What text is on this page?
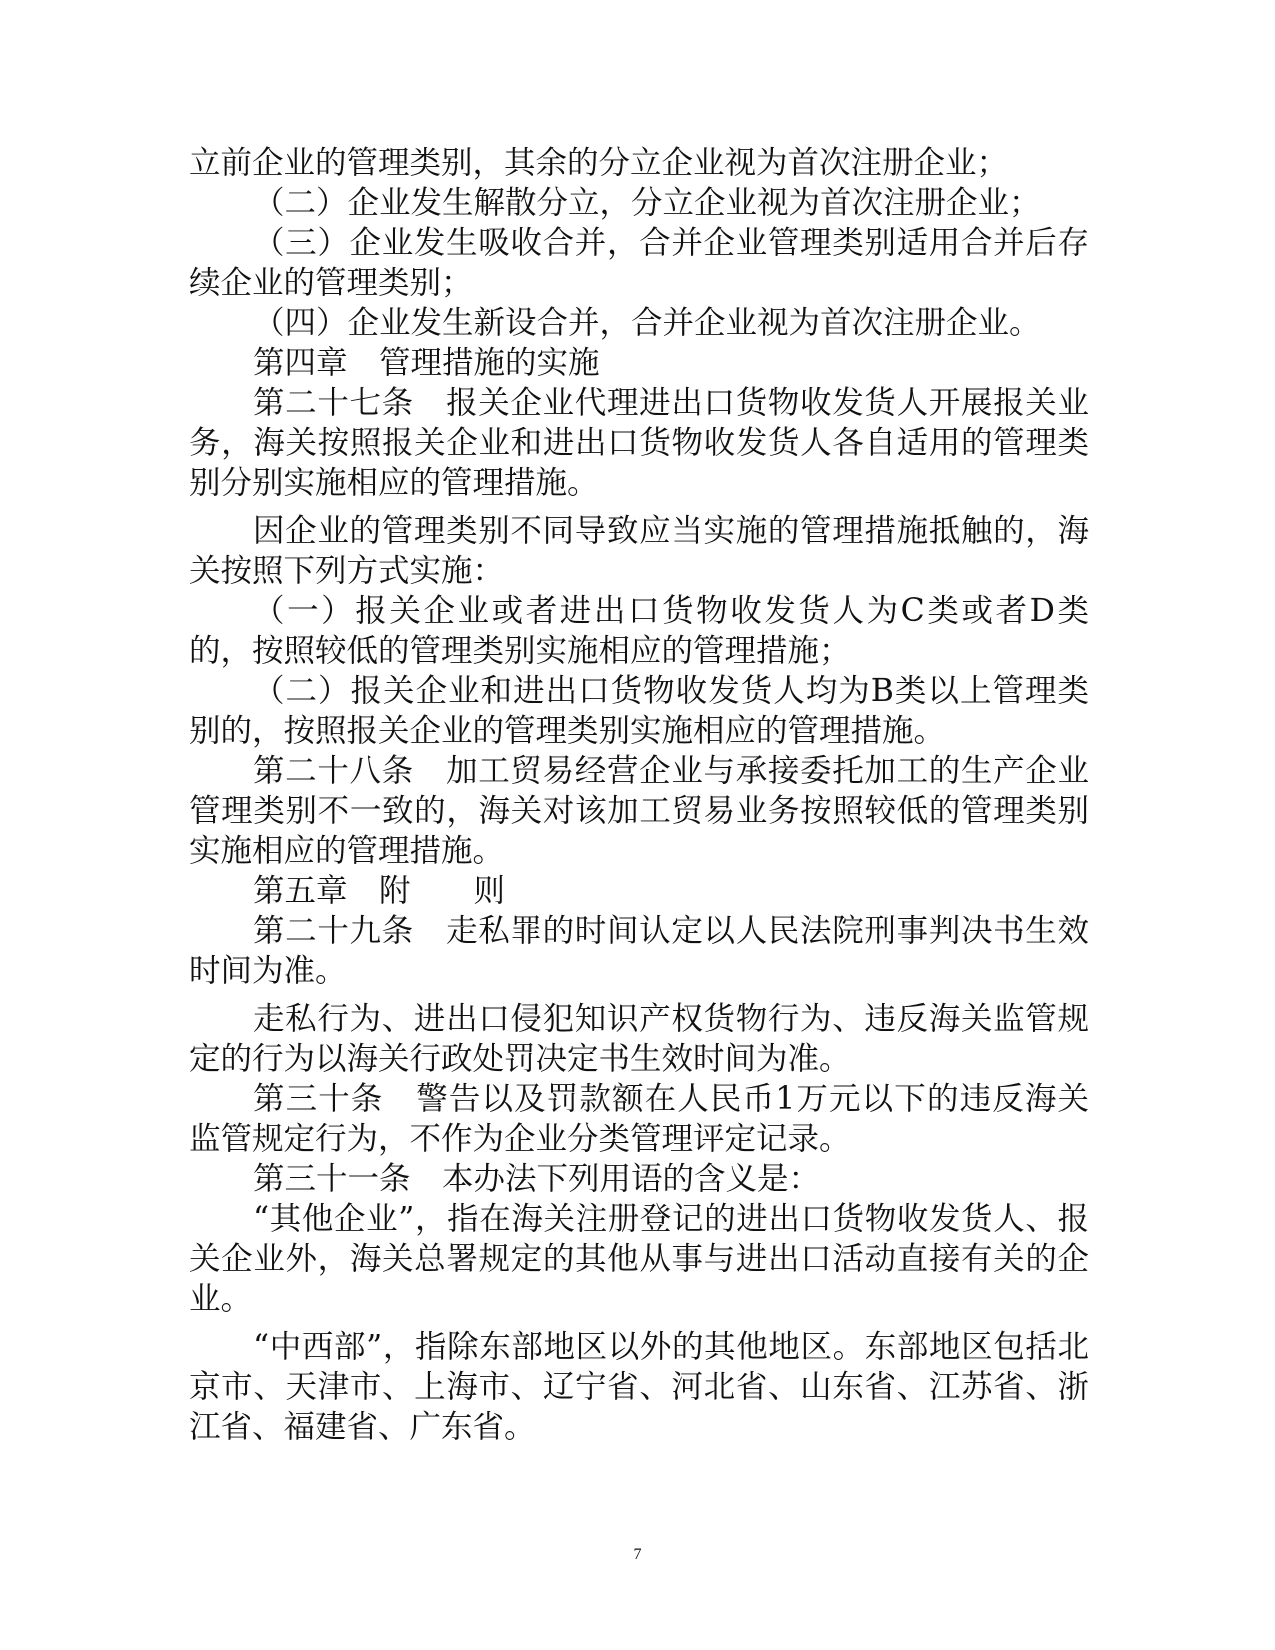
立前企业的管理类别，其余的分立企业视为首次注册企业；

（二）企业发生解散分立，分立企业视为首次注册企业；

（三）企业发生吸收合并，合并企业管理类别适用合并后存续企业的管理类别；

（四）企业发生新设合并，合并企业视为首次注册企业。

第四章　管理措施的实施

第二十七条　报关企业代理进出口货物收发货人开展报关业务，海关按照报关企业和进出口货物收发货人各自适用的管理类别分别实施相应的管理措施。

因企业的管理类别不同导致应当实施的管理措施抵触的，海关按照下列方式实施：

（一）报关企业或者进出口货物收发货人为C类或者D类的，按照较低的管理类别实施相应的管理措施；

（二）报关企业和进出口货物收发货人均为B类以上管理类别的，按照报关企业的管理类别实施相应的管理措施。

第二十八条　加工贸易经营企业与承接委托加工的生产企业管理类别不一致的，海关对该加工贸易业务按照较低的管理类别实施相应的管理措施。

第五章　附　　则

第二十九条　走私罪的时间认定以人民法院刑事判决书生效时间为准。

走私行为、进出口侵犯知识产权货物行为、违反海关监管规定的行为以海关行政处罚决定书生效时间为准。

第三十条　警告以及罚款额在人民币1万元以下的违反海关监管规定行为，不作为企业分类管理评定记录。

第三十一条　本办法下列用语的含义是：

“其他企业”，指在海关注册登记的进出口货物收发货人、报关企业外，海关总署规定的其他从事与进出口活动直接有关的企业。

“中西部”，指除东部地区以外的其他地区。东部地区包括北京市、天津市、上海市、辽宁省、河北省、山东省、江苏省、浙江省、福建省、广东省。

7
